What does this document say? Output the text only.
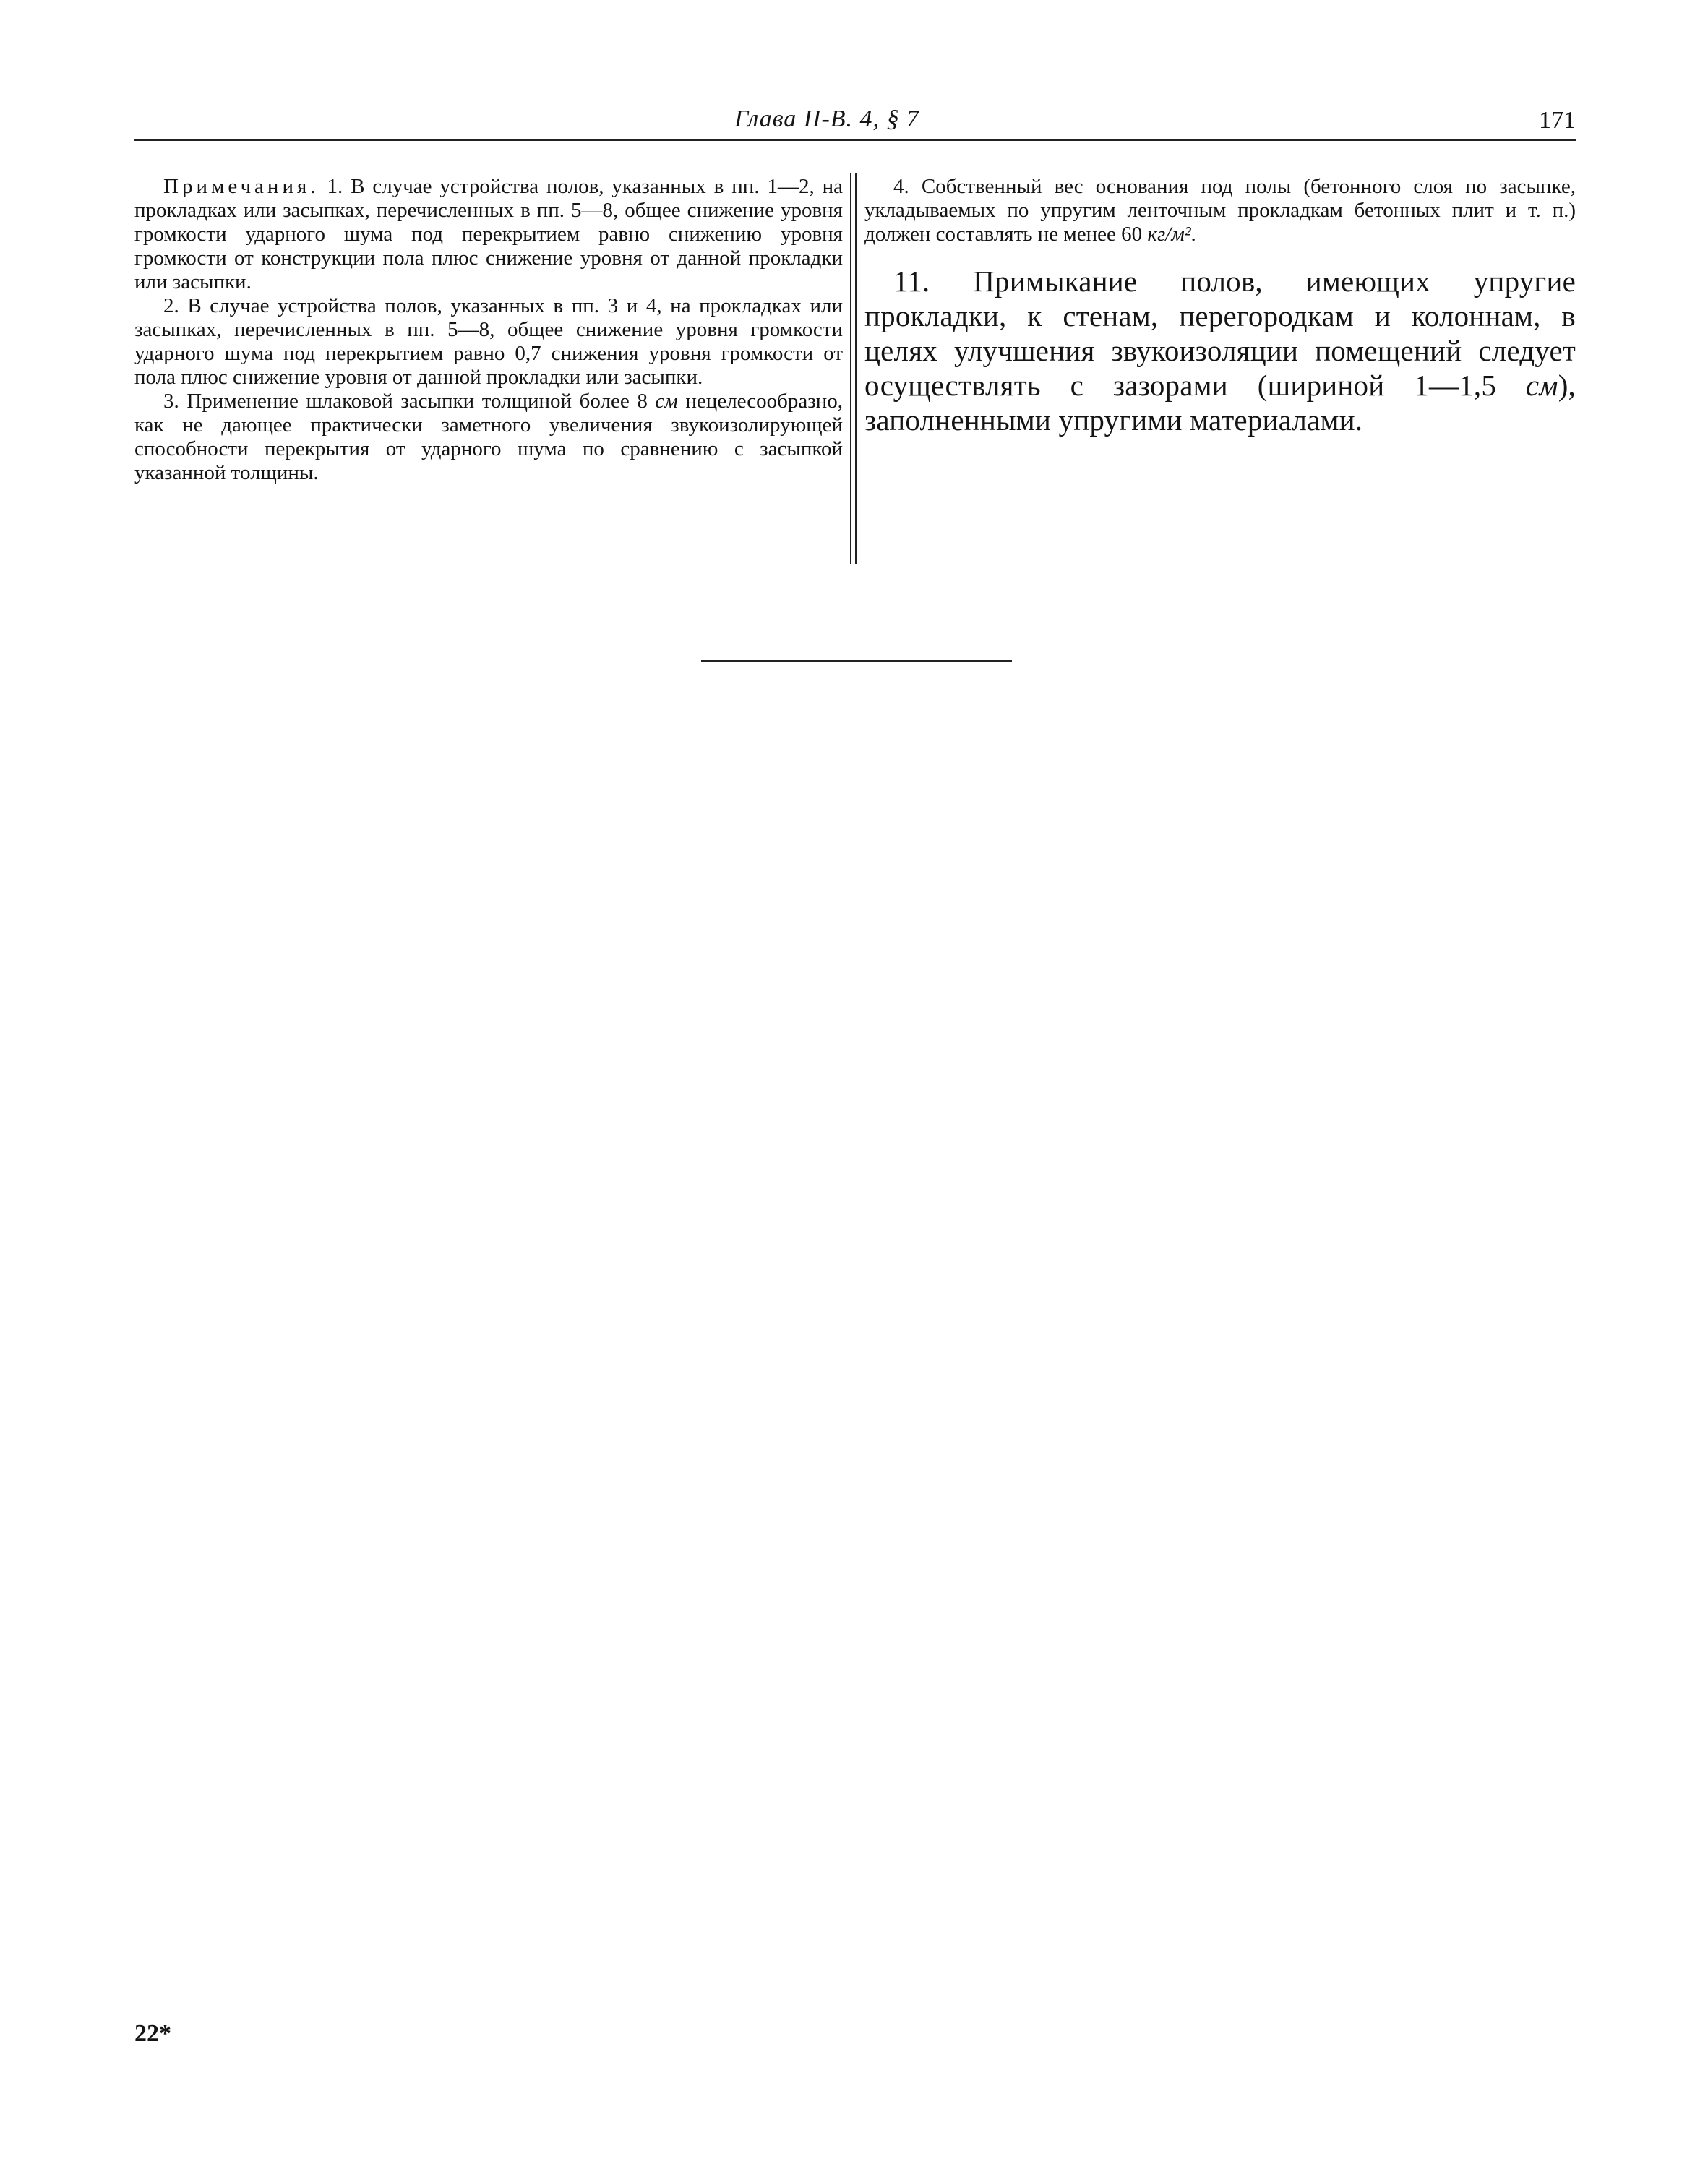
Глава II-В. 4, § 7	171

Примечания. 1. В случае устройства полов, указанных в пп. 1—2, на прокладках или засыпках, перечисленных в пп. 5—8, общее снижение уровня громкости ударного шума под перекрытием равно снижению уровня громкости от конструкции пола плюс снижение уровня от данной прокладки или засыпки.

2. В случае устройства полов, указанных в пп. 3 и 4, на прокладках или засыпках, перечисленных в пп. 5—8, общее снижение уровня громкости ударного шума под перекрытием равно 0,7 снижения уровня громкости от пола плюс снижение уровня от данной прокладки или засыпки.

3. Применение шлаковой засыпки толщиной более 8 см нецелесообразно, как не дающее практически заметного увеличения звукоизолирующей способности перекрытия от ударного шума по сравнению с засыпкой указанной толщины.

4. Собственный вес основания под полы (бетонного слоя по засыпке, укладываемых по упругим ленточным прокладкам бетонных плит и т. п.) должен составлять не менее 60 кг/м².

11. Примыкание полов, имеющих упругие прокладки, к стенам, перегородкам и колоннам, в целях улучшения звукоизоляции помещений следует осуществлять с зазорами (шириной 1—1,5 см), заполненными упругими материалами.

22*
